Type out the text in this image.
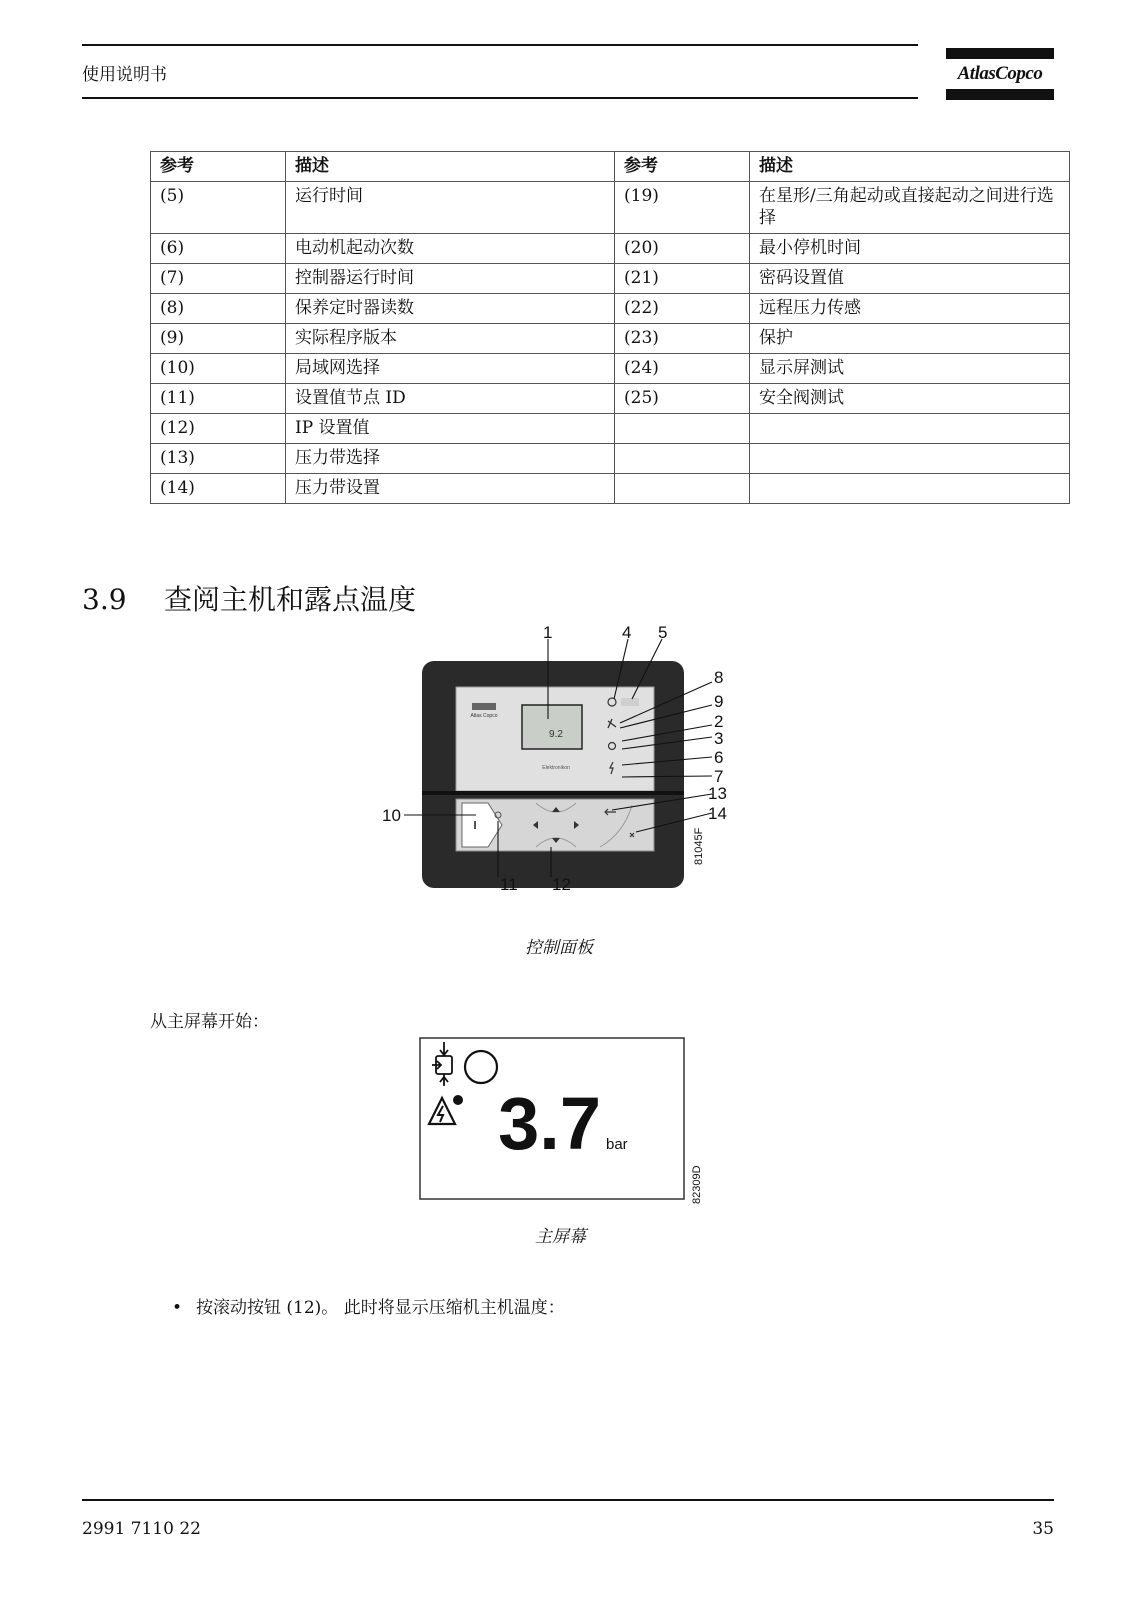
使用说明书	AtlasCopco
参考	描述	参考	描述
(5)	运行时间	(19)	在星形/三角起动或直接起动之间进行选择
(6)	电动机起动次数	(20)	最小停机时间
(7)	控制器运行时间	(21)	密码设置值
(8)	保养定时器读数	(22)	远程压力传感
(9)	实际程序版本	(23)	保护
(10)	局域网选择	(24)	显示屏测试
(11)	设置值节点 ID	(25)	安全阀测试
(12)	IP 设置值		
(13)	压力带选择		
(14)	压力带设置		
3.9 查阅主机和露点温度
Atlas Copco
9.2
Elektronikon
1	4 5
8
9
2
3
6
7
13
14
10
11 12
81045F
控制面板
从主屏幕开始：
3.7 bar
82309D
主屏幕
• 按滚动按钮 (12)。 此时将显示压缩机主机温度：
2991 7110 22	35
